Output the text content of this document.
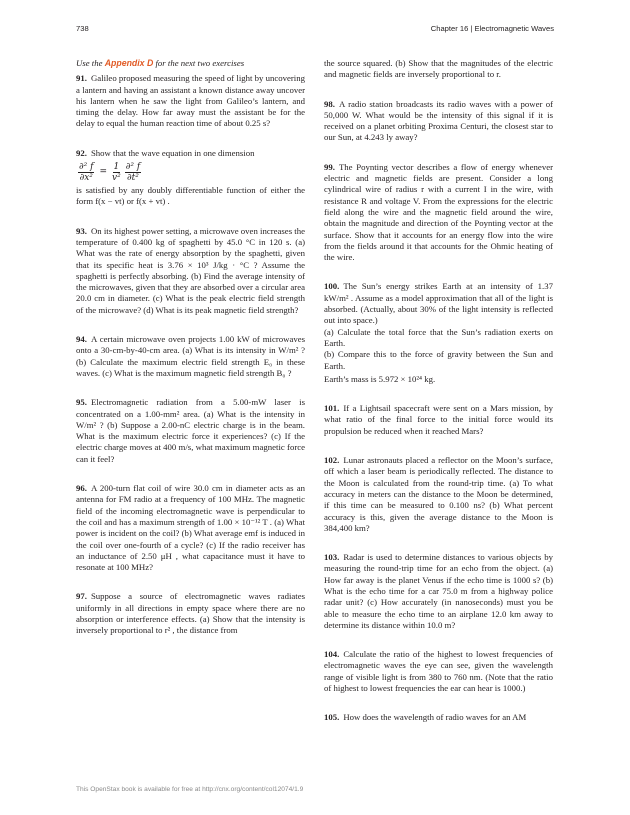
738	Chapter 16 | Electromagnetic Waves

Use the Appendix D for the next two exercises

91. Galileo proposed measuring the speed of light by uncovering a lantern and having an assistant a known distance away uncover his lantern when he saw the light from Galileo’s lantern, and timing the delay. How far away must the assistant be for the delay to equal the human reaction time of about 0.25 s?

92. Show that the wave equation in one dimension

$\frac{\text{∂² f}}{\text{∂x²}} = \frac{1}{\text{v²}} \frac{\text{∂² f}}{\text{∂t²}}$

is satisfied by any doubly differentiable function of either the form f(x − vt) or f(x + vt) .

93. On its highest power setting, a microwave oven increases the temperature of 0.400 kg of spaghetti by 45.0 °C in 120 s. (a) What was the rate of energy absorption by the spaghetti, given that its specific heat is 3.76 × 10³ J/kg · °C ? Assume the spaghetti is perfectly absorbing. (b) Find the average intensity of the microwaves, given that they are absorbed over a circular area 20.0 cm in diameter. (c) What is the peak electric field strength of the microwave? (d) What is its peak magnetic field strength?

94. A certain microwave oven projects 1.00 kW of microwaves onto a 30-cm-by-40-cm area. (a) What is its intensity in W/m² ? (b) Calculate the maximum electric field strength E₀ in these waves. (c) What is the maximum magnetic field strength B₀ ?

95. Electromagnetic radiation from a 5.00-mW laser is concentrated on a 1.00-mm² area. (a) What is the intensity in W/m² ? (b) Suppose a 2.00-nC electric charge is in the beam. What is the maximum electric force it experiences? (c) If the electric charge moves at 400 m/s, what maximum magnetic force can it feel?

96. A 200-turn flat coil of wire 30.0 cm in diameter acts as an antenna for FM radio at a frequency of 100 MHz. The magnetic field of the incoming electromagnetic wave is perpendicular to the coil and has a maximum strength of 1.00 × 10⁻¹² T . (a) What power is incident on the coil? (b) What average emf is induced in the coil over one-fourth of a cycle? (c) If the radio receiver has an inductance of 2.50 μH , what capacitance must it have to resonate at 100 MHz?

97. Suppose a source of electromagnetic waves radiates uniformly in all directions in empty space where there are no absorption or interference effects. (a) Show that the intensity is inversely proportional to r² , the distance from

the source squared. (b) Show that the magnitudes of the electric and magnetic fields are inversely proportional to r.

98. A radio station broadcasts its radio waves with a power of 50,000 W. What would be the intensity of this signal if it is received on a planet orbiting Proxima Centuri, the closest star to our Sun, at 4.243 ly away?

99. The Poynting vector describes a flow of energy whenever electric and magnetic fields are present. Consider a long cylindrical wire of radius r with a current I in the wire, with resistance R and voltage V. From the expressions for the electric field along the wire and the magnetic field around the wire, obtain the magnitude and direction of the Poynting vector at the surface. Show that it accounts for an energy flow into the wire from the fields around it that accounts for the Ohmic heating of the wire.

100. The Sun’s energy strikes Earth at an intensity of 1.37 kW/m² . Assume as a model approximation that all of the light is absorbed. (Actually, about 30% of the light intensity is reflected out into space.)

(a) Calculate the total force that the Sun’s radiation exerts on Earth.

(b) Compare this to the force of gravity between the Sun and Earth.

Earth’s mass is 5.972 × 10²⁴ kg.

101. If a Lightsail spacecraft were sent on a Mars mission, by what ratio of the final force to the initial force would its propulsion be reduced when it reached Mars?

102. Lunar astronauts placed a reflector on the Moon’s surface, off which a laser beam is periodically reflected. The distance to the Moon is calculated from the round-trip time. (a) To what accuracy in meters can the distance to the Moon be determined, if this time can be measured to 0.100 ns? (b) What percent accuracy is this, given the average distance to the Moon is 384,400 km?

103. Radar is used to determine distances to various objects by measuring the round-trip time for an echo from the object. (a) How far away is the planet Venus if the echo time is 1000 s? (b) What is the echo time for a car 75.0 m from a highway police radar unit? (c) How accurately (in nanoseconds) must you be able to measure the echo time to an airplane 12.0 km away to determine its distance within 10.0 m?

104. Calculate the ratio of the highest to lowest frequencies of electromagnetic waves the eye can see, given the wavelength range of visible light is from 380 to 760 nm. (Note that the ratio of highest to lowest frequencies the ear can hear is 1000.)

105. How does the wavelength of radio waves for an AM

This OpenStax book is available for free at http://cnx.org/content/col12074/1.9
